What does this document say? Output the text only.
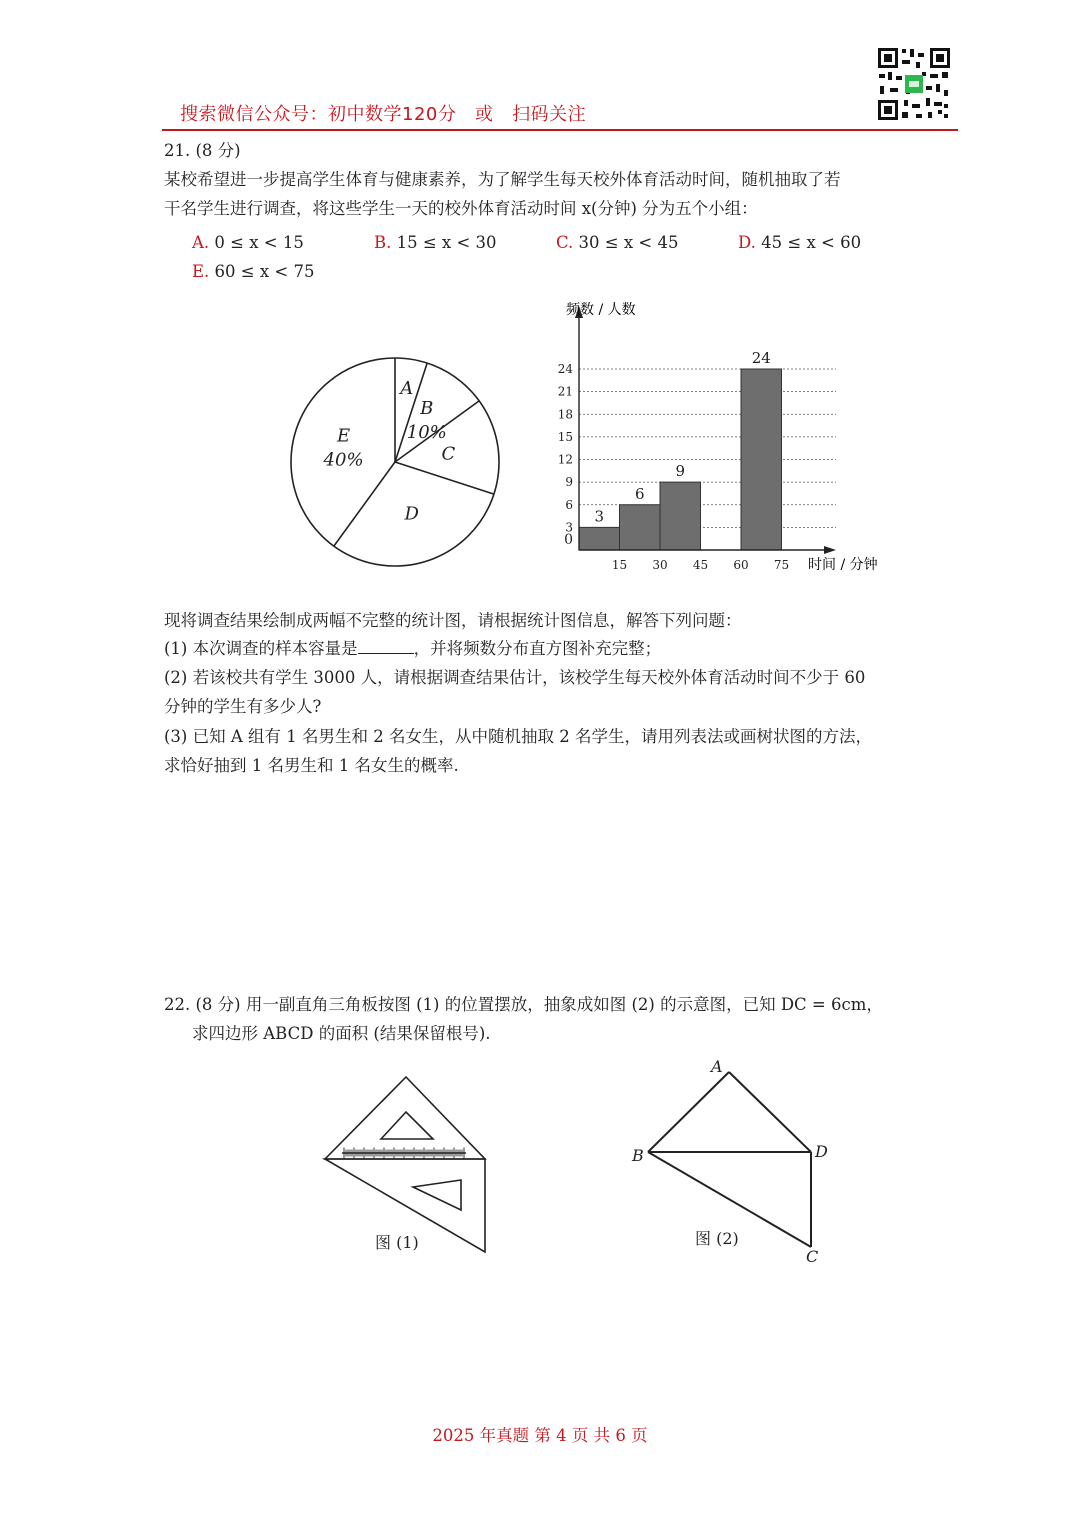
搜索微信公众号：初中数学120分   或   扫码关注
21. (8 分)
某校希望进一步提高学生体育与健康素养，为了解学生每天校外体育活动时间，随机抽取了若
干名学生进行调查，将这些学生一天的校外体育活动时间 x(分钟) 分为五个小组：
A. 0 ≤ x < 15	B. 15 ≤ x < 30	C. 30 ≤ x < 45	D. 45 ≤ x < 60
E. 60 ≤ x < 75
A
B
10%
C
D
E
40%
0
3
6
9
12
15
18
21
24
3
6
9
24
15 30 45 60 75
频数 / 人数
时间 / 分钟
现将调查结果绘制成两幅不完整的统计图，请根据统计图信息，解答下列问题：
(1) 本次调查的样本容量是	，并将频数分布直方图补充完整；
(2) 若该校共有学生 3000 人，请根据调查结果估计，该校学生每天校外体育活动时间不少于 60
分钟的学生有多少人?
(3) 已知 A 组有 1 名男生和 2 名女生，从中随机抽取 2 名学生，请用列表法或画树状图的方法，
求恰好抽到 1 名男生和 1 名女生的概率.
22. (8 分) 用一副直角三角板按图 (1) 的位置摆放，抽象成如图 (2) 的示意图，已知 DC = 6cm，
求四边形 ABCD 的面积 (结果保留根号).
图 (1)
A
B	D
C
图 (2)
2025 年真题 第 4 页 共 6 页
